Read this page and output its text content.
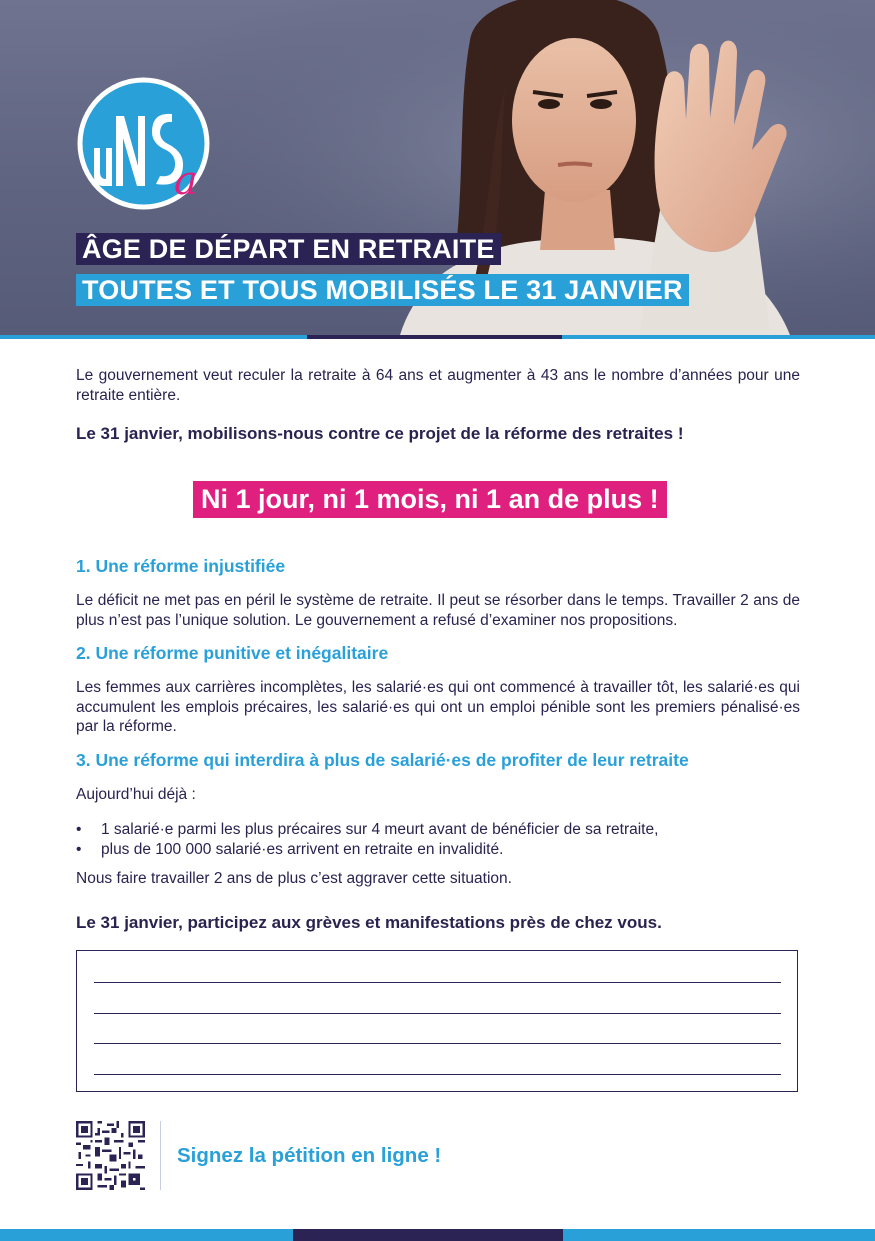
a
uNSa
ÂGE DE DÉPART EN RETRAITE
TOUTES ET TOUS MOBILISÉS LE 31 JANVIER
Le gouvernement veut reculer la retraite à 64 ans et augmenter à 43 ans le nombre d’années pour une retraite entière.
Le 31 janvier, mobilisons-nous contre ce projet de la réforme des retraites !
Ni 1 jour, ni 1 mois, ni 1 an de plus !
1. Une réforme injustifiée
Le déficit ne met pas en péril le système de retraite. Il peut se résorber dans le temps. Travailler 2 ans de plus n’est pas l’unique solution. Le gouvernement a refusé d’examiner nos propositions.
2. Une réforme punitive et inégalitaire
Les femmes aux carrières incomplètes, les salarié·es qui ont commencé à travailler tôt, les salarié·es qui accumulent les emplois précaires, les salarié·es qui ont un emploi pénible sont les premiers pénalisé·es par la réforme.
3. Une réforme qui interdira à plus de salarié·es de profiter de leur retraite
Aujourd’hui déjà :
• 1 salarié·e parmi les plus précaires sur 4 meurt avant de bénéficier de sa retraite,
• plus de 100 000 salarié·es arrivent en retraite en invalidité.
Nous faire travailler 2 ans de plus c’est aggraver cette situation.
Le 31 janvier, participez aux grèves et manifestations près de chez vous.
Signez la pétition en ligne !
